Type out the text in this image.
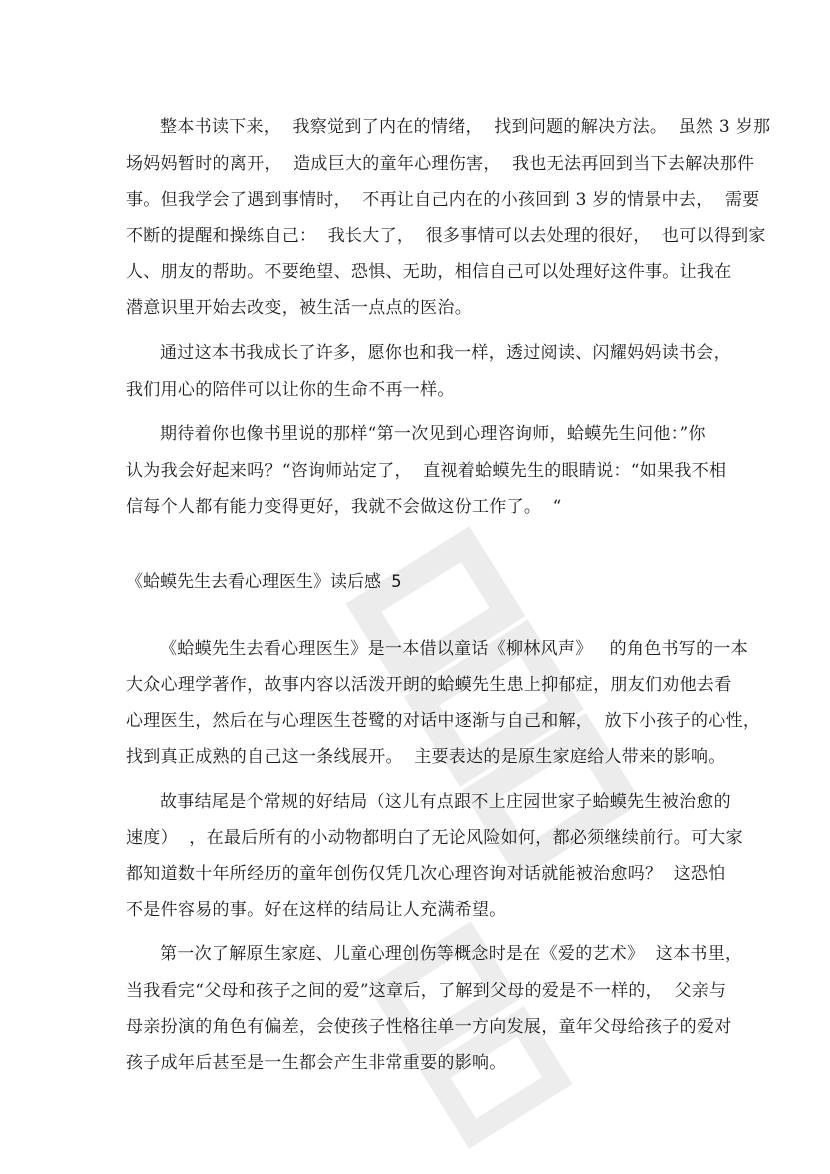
整本书读下来，  我察觉到了内在的情绪，  找到问题的解决方法。  虽然 3 岁那
场妈妈暂时的离开，  造成巨大的童年心理伤害，  我也无法再回到当下去解决那件
事。但我学会了遇到事情时，  不再让自己内在的小孩回到 3 岁的情景中去，  需要
不断的提醒和操练自己：  我长大了，  很多事情可以去处理的很好，  也可以得到家
人、朋友的帮助。不要绝望、恐惧、无助，相信自己可以处理好这件事。让我在
潜意识里开始去改变，被生活一点点的医治。
通过这本书我成长了许多，愿你也和我一样，透过阅读、闪耀妈妈读书会，
我们用心的陪伴可以让你的生命不再一样。
期待着你也像书里说的那样“第一次见到心理咨询师，蛤蟆先生问他：”你
认为我会好起来吗？“咨询师站定了，  直视着蛤蟆先生的眼睛说：“如果我不相
信每个人都有能力变得更好，我就不会做这份工作了。  “
《蛤蟆先生去看心理医生》读后感 5
《蛤蟆先生去看心理医生》是一本借以童话《柳林风声》   的角色书写的一本
大众心理学著作，故事内容以活泼开朗的蛤蟆先生患上抑郁症，朋友们劝他去看
心理医生，然后在与心理医生苍鹭的对话中逐渐与自己和解，  放下小孩子的心性，
找到真正成熟的自己这一条线展开。  主要表达的是原生家庭给人带来的影响。
故事结尾是个常规的好结局（这儿有点跟不上庄园世家子蛤蟆先生被治愈的
速度）  ，在最后所有的小动物都明白了无论风险如何，都必须继续前行。可大家
都知道数十年所经历的童年创伤仅凭几次心理咨询对话就能被治愈吗？  这恐怕
不是件容易的事。好在这样的结局让人充满希望。
第一次了解原生家庭、儿童心理创伤等概念时是在《爱的艺术》  这本书里，
当我看完“父母和孩子之间的爱”这章后，了解到父母的爱是不一样的，  父亲与
母亲扮演的角色有偏差，会使孩子性格往单一方向发展，童年父母给孩子的爱对
孩子成年后甚至是一生都会产生非常重要的影响。
